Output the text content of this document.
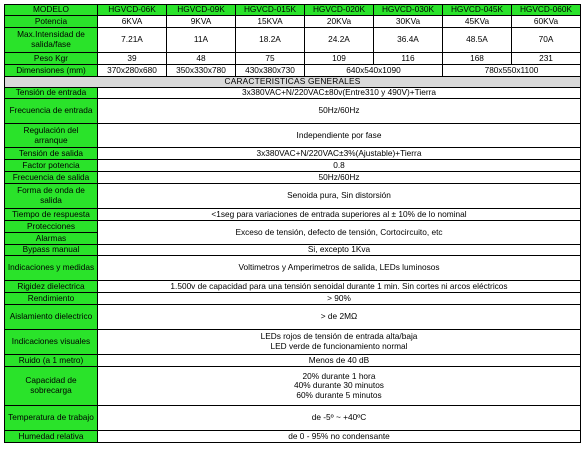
MODELO	HGVCD-06K	HGVCD-09K	HGVCD-015K	HGVCD-020K	HGVCD-030K	HGVCD-045K	HGVCD-060K
Potencia	6KVA	9KVA	15KVA	20KVa	30KVa	45KVa	60KVa
Max.Intensidad de salida/fase	7.21A	11A	18.2A	24.2A	36.4A	48.5A	70A
Peso Kgr	39	48	75	109	116	168	231
Dimensiones (mm)	370x280x680	350x330x780	430x380x730	640x540x1090		780x550x1100	
CARACTERISTICAS GENERALES							
Tensión de entrada	3x380VAC+N/220VAC±80v(Entre310 y 490V)+Tierra						
Frecuencia de entrada	50Hz/60Hz						
Regulación del arranque	Independiente por fase						
Tensión de salida	3x380VAC+N/220VAC±3%(Ajustable)+Tierra						
Factor potencia	0.8						
Frecuencia de salida	50Hz/60Hz						
Forma de onda de salida	Senoida pura, Sin distorsión						
Tiempo de respuesta	<1seg para variaciones de entrada superiores al ± 10% de lo nominal						
Protecciones	Exceso de tensión, defecto de tensión, Cortocircuito, etc						
Alarmas							
Bypass manual	Si, excepto 1Kva						
Indicaciones y medidas	Voltimetros y Amperimetros de salida, LEDs luminosos						
Rigidez dielectrica	1.500v de capacidad para una tensión senoidal durante 1 min. Sin cortes ni arcos eléctricos						
Rendimiento	> 90%						
Aislamiento dielectrico	> de 2MΩ						
Indicaciones visuales	LEDs rojos de tensión de entrada alta/baja
LED verde de funcionamiento normal						
Ruido (a 1 metro)	Menos de 40 dB						
Capacidad de sobrecarga	20% durante 1 hora
40% durante 30 minutos
60% durante 5 minutos						
Temperatura de trabajo	de -5º ~ +40ºC						
Humedad relativa	de 0 - 95% no condensante						
